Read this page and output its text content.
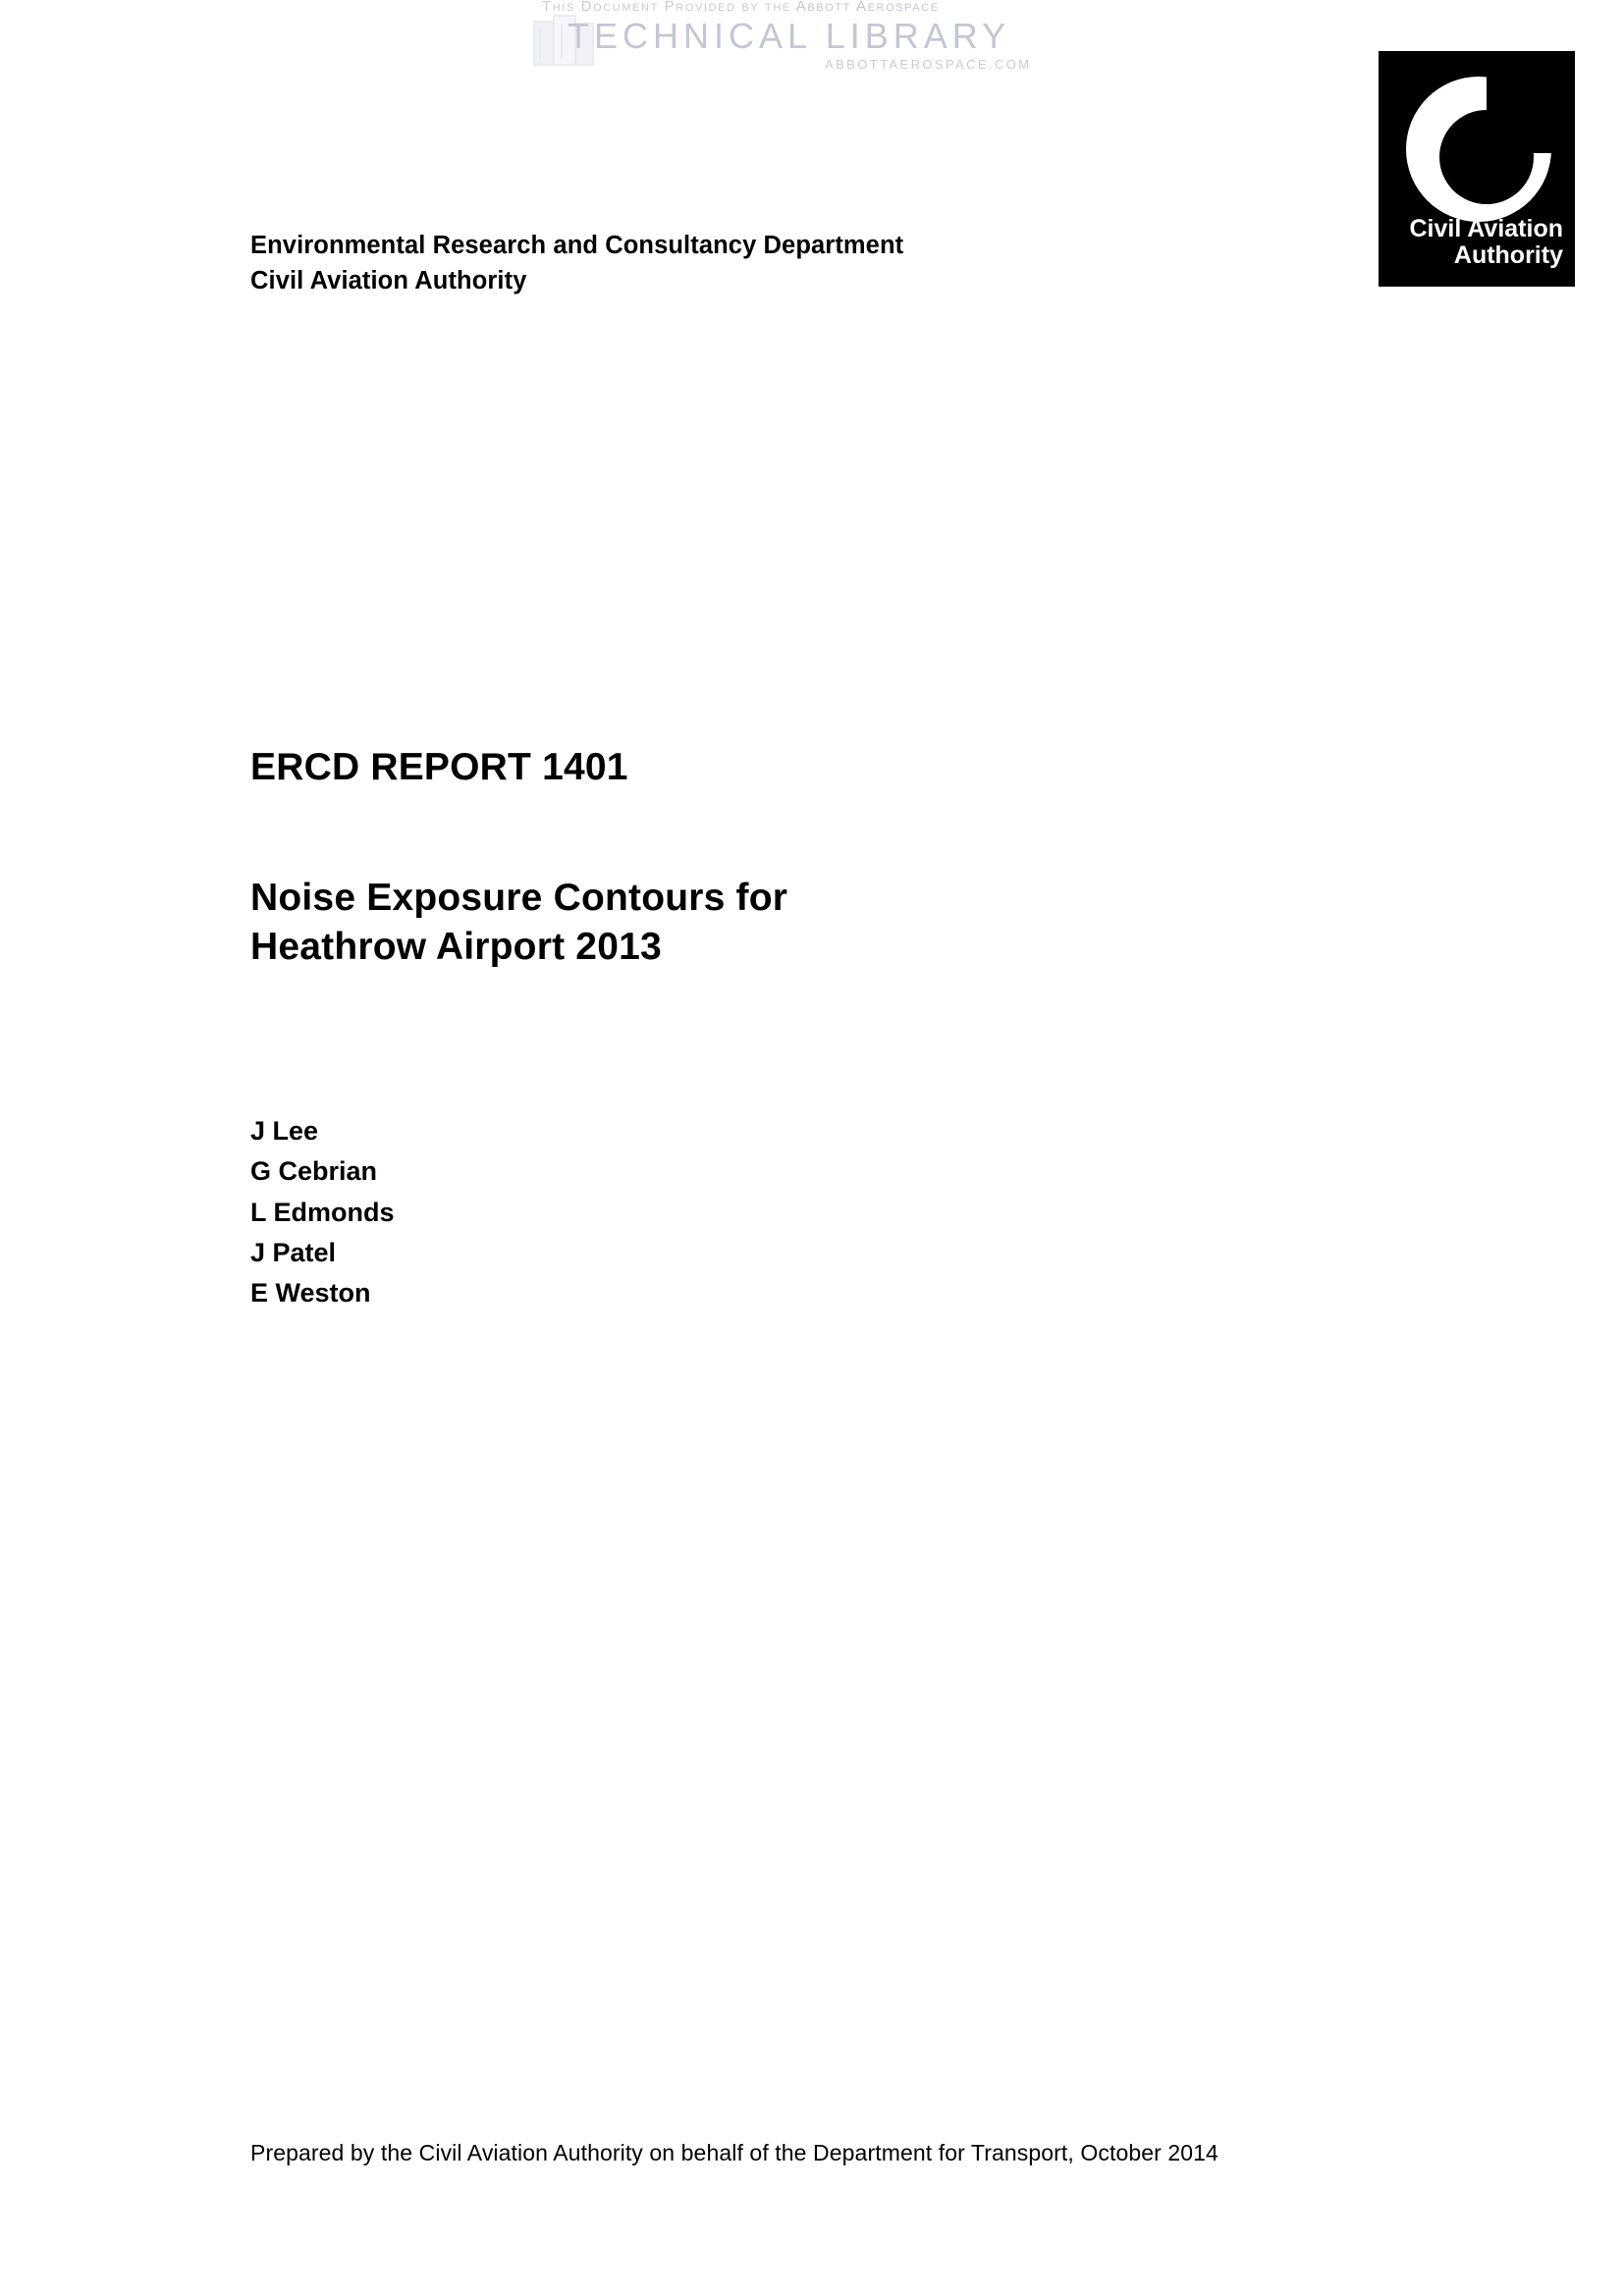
This Document Provided by the Abbott Aerospace
TECHNICAL LIBRARY
ABBOTTAEROSPACE.COM
Civil Aviation
Authority
Environmental Research and Consultancy Department
Civil Aviation Authority
ERCD REPORT 1401
Noise Exposure Contours for
Heathrow Airport 2013
J Lee
G Cebrian
L Edmonds
J Patel
E Weston
Prepared by the Civil Aviation Authority on behalf of the Department for Transport, October 2014
